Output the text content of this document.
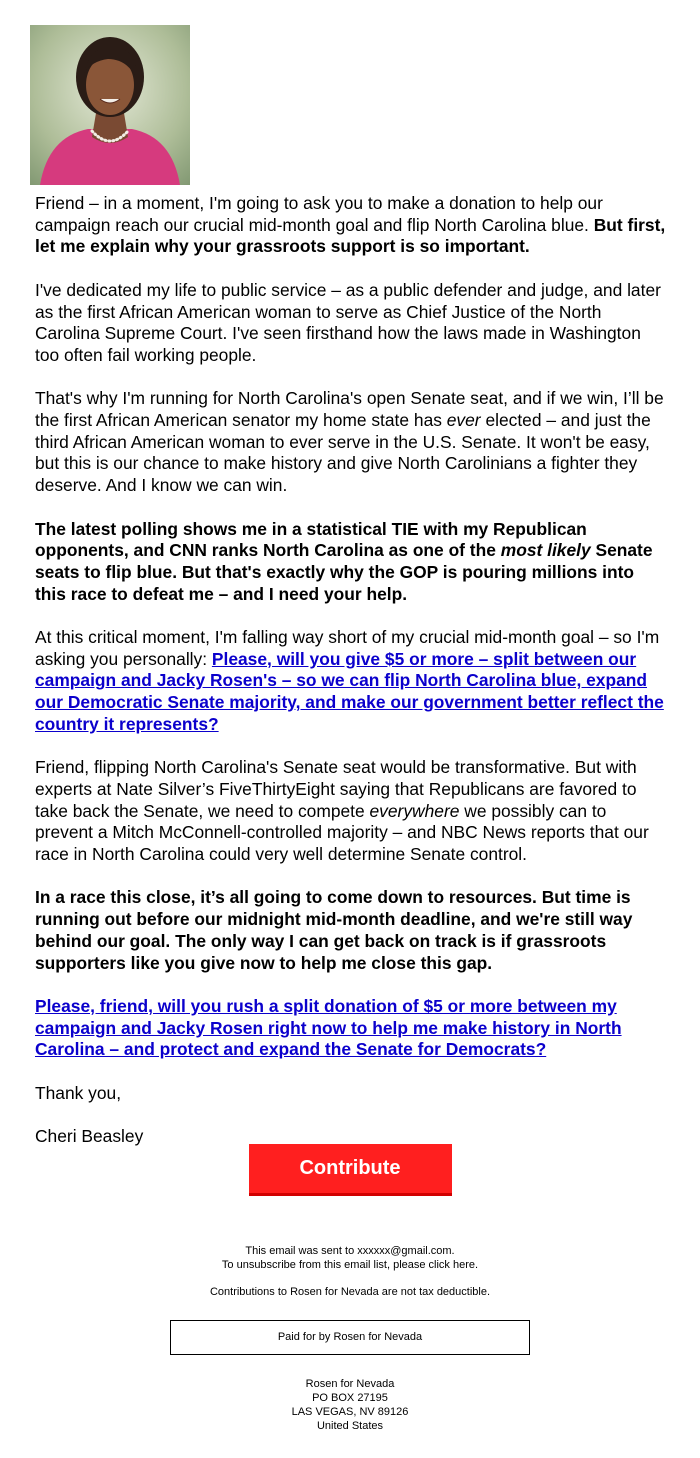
Friend – in a moment, I'm going to ask you to make a donation to help our campaign reach our crucial mid-month goal and flip North Carolina blue. But first, let me explain why your grassroots support is so important.

I've dedicated my life to public service – as a public defender and judge, and later as the first African American woman to serve as Chief Justice of the North Carolina Supreme Court. I've seen firsthand how the laws made in Washington too often fail working people.

That's why I'm running for North Carolina's open Senate seat, and if we win, I’ll be the first African American senator my home state has ever elected – and just the third African American woman to ever serve in the U.S. Senate. It won't be easy, but this is our chance to make history and give North Carolinians a fighter they deserve. And I know we can win.

The latest polling shows me in a statistical TIE with my Republican opponents, and CNN ranks North Carolina as one of the most likely Senate seats to flip blue. But that's exactly why the GOP is pouring millions into this race to defeat me – and I need your help.

At this critical moment, I'm falling way short of my crucial mid-month goal – so I'm asking you personally: Please, will you give $5 or more – split between our campaign and Jacky Rosen's – so we can flip North Carolina blue, expand our Democratic Senate majority, and make our government better reflect the country it represents?

Friend, flipping North Carolina's Senate seat would be transformative. But with experts at Nate Silver’s FiveThirtyEight saying that Republicans are favored to take back the Senate, we need to compete everywhere we possibly can to prevent a Mitch McConnell-controlled majority – and NBC News reports that our race in North Carolina could very well determine Senate control.

In a race this close, it’s all going to come down to resources. But time is running out before our midnight mid-month deadline, and we're still way behind our goal. The only way I can get back on track is if grassroots supporters like you give now to help me close this gap.

Please, friend, will you rush a split donation of $5 or more between my campaign and Jacky Rosen right now to help me make history in North Carolina – and protect and expand the Senate for Democrats?

Thank you,

Cheri Beasley

Contribute

This email was sent to xxxxxx@gmail.com.

To unsubscribe from this email list, please click here.

Contributions to Rosen for Nevada are not tax deductible.

Paid for by Rosen for Nevada
Rosen for Nevada
PO BOX 27195
LAS VEGAS, NV 89126
United States
